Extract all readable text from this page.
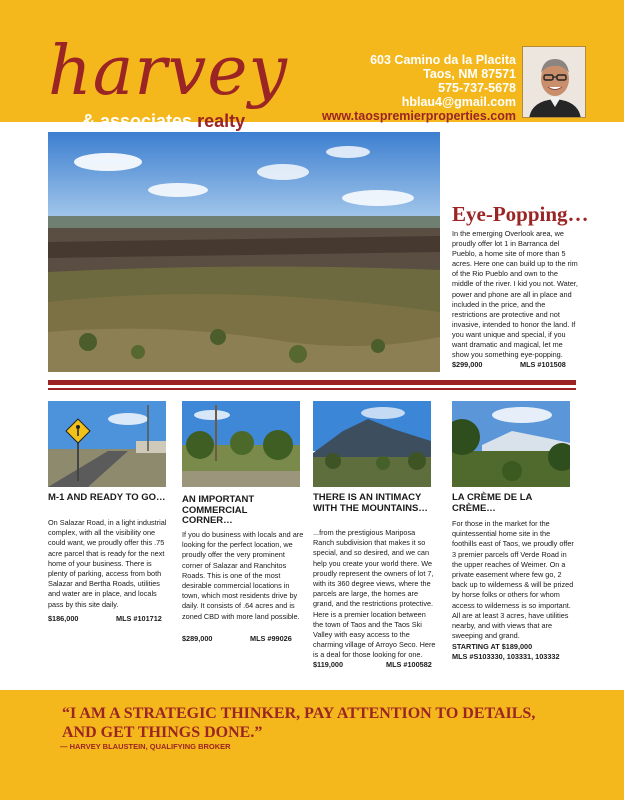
harvey
& associates realty
603 Camino da la Placita
Taos, NM 87571
575-737-5678
hblau4@gmail.com
www.taospremierproperties.com
Eye-Popping…
In the emerging Overlook area, we proudly offer lot 1 in Barranca del Pueblo, a home site of more than 5 acres. Here one can build up to the rim of the Rio Pueblo and own to the middle of the river. I kid you not. Water, power and phone are all in place and included in the price, and the restrictions are protective and not invasive, intended to honor the land. If you want unique and special, if you want dramatic and magical, let me show you something eye-popping.
$299,000	MLS #101508
M-1 AND READY TO GO…
On Salazar Road, in a light industrial complex, with all the visibility one could want, we proudly offer this .75 acre parcel that is ready for the next home of your business. There is plenty of parking, access from both Salazar and Bertha Roads, utilities and water are in place, and locals pass by this site daily.
$186,000	MLS #101712
AN IMPORTANT COMMERCIAL CORNER…
If you do business with locals and are looking for the perfect location, we proudly offer the very prominent corner of Salazar and Ranchitos Roads. This is one of the most desirable commercial locations in town, which most residents drive by daily. It consists of .64 acres and is zoned CBD with more land possible.
$289,000	MLS #99026
THERE IS AN INTIMACY WITH THE MOUNTAINS…
...from the prestigious Mariposa Ranch subdivision that makes it so special, and so desired, and we can help you create your world there. We proudly represent the owners of lot 7, with its 360 degree views, where the parcels are large, the homes are grand, and the restrictions protective. Here is a premier location between the town of Taos and the Taos Ski Valley with easy access to the charming village of Arroyo Seco. Here is a deal for those looking for one.
$119,000	MLS #100582
LA CRÈME DE LA CRÈME…
For those in the market for the quintessential home site in the foothills east of Taos, we proudly offer 3 premier parcels off Verde Road in the upper reaches of Weimer. On a private easement where few go, 2 back up to wilderness & will be prized by horse folks or others for whom access to wilderness is so important. All are at least 3 acres, have utilities nearby, and with views that are sweeping and grand.
STARTING AT $189,000
MLS #S103330, 103331, 103332
“I AM A STRATEGIC THINKER, PAY ATTENTION TO DETAILS, AND GET THINGS DONE.”
— HARVEY BLAUSTEIN, QUALIFYING BROKER
